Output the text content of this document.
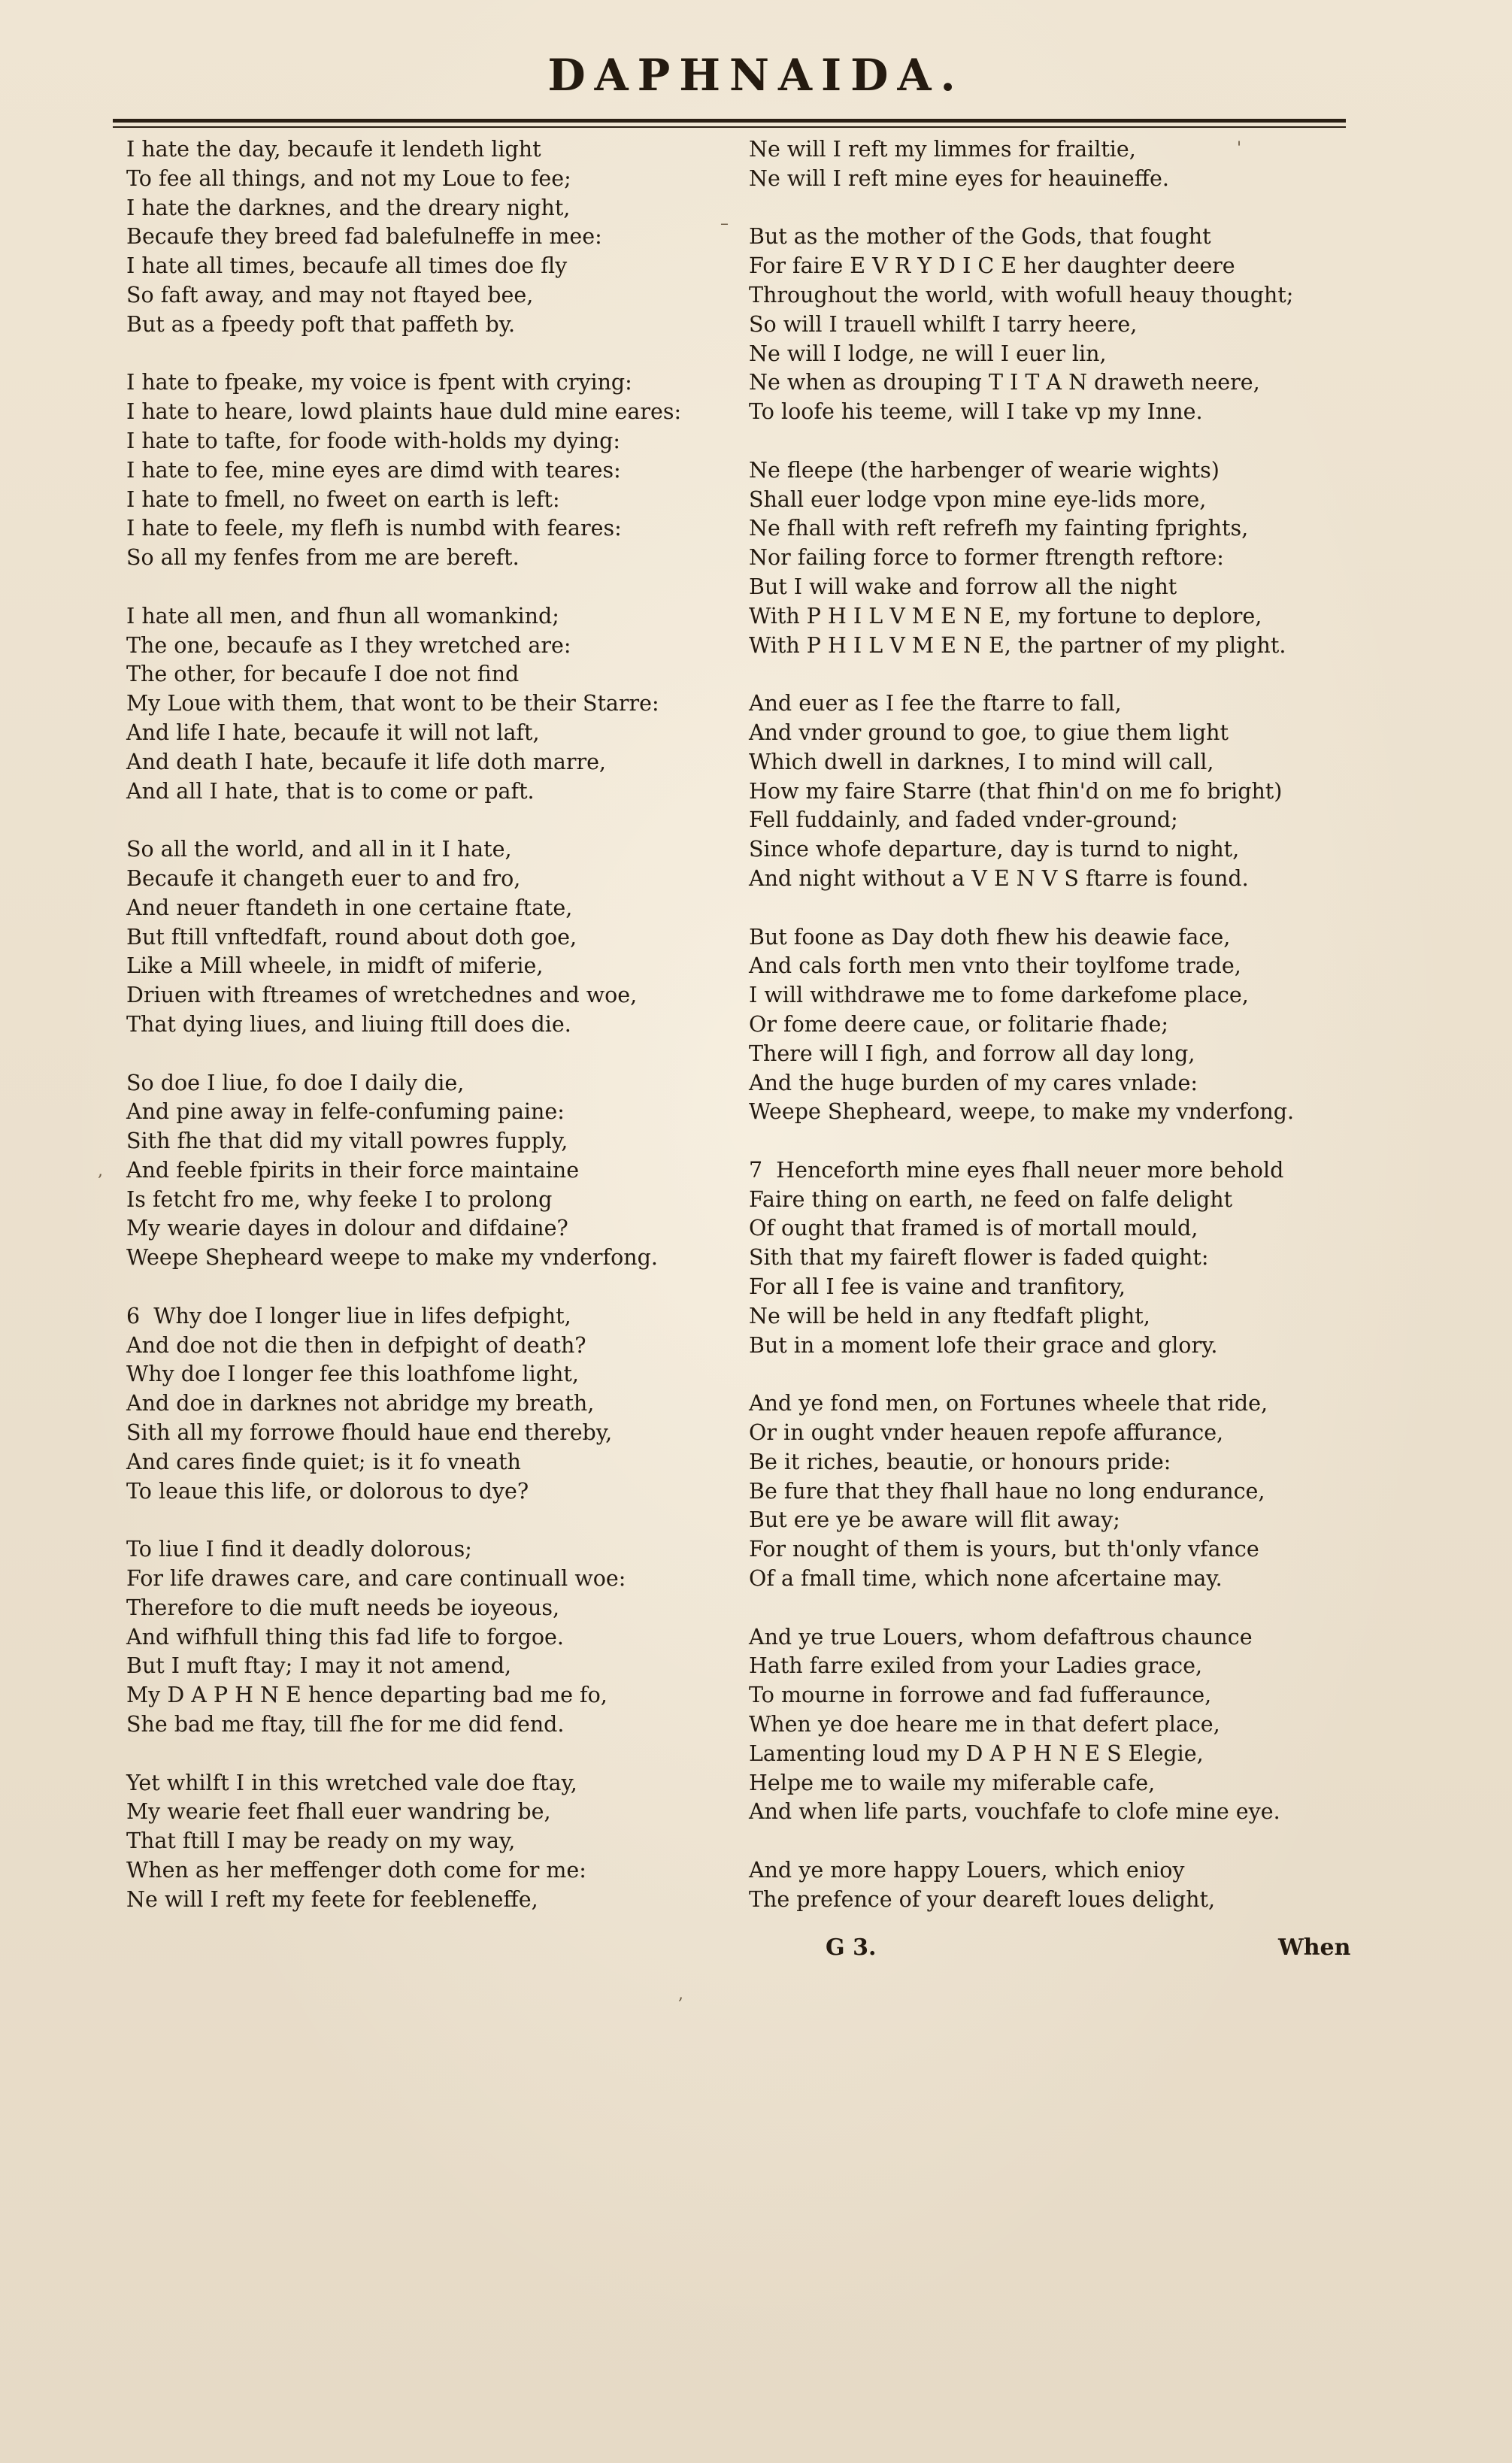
DAPHNAIDA.
I hate the day, becaufe it lendeth light
To fee all things, and not my Loue to fee;
I hate the darknes, and the dreary night,
Becaufe they breed fad balefulneffe in mee:
I hate all times, becaufe all times doe fly
So faft away, and may not ftayed bee,
But as a fpeedy poft that paffeth by.
I hate to fpeake, my voice is fpent with crying:
I hate to heare, lowd plaints haue duld mine eares:
I hate to tafte, for foode with-holds my dying:
I hate to fee, mine eyes are dimd with teares:
I hate to fmell, no fweet on earth is left:
I hate to feele, my flefh is numbd with feares:
So all my fenfes from me are bereft.
I hate all men, and fhun all womankind;
The one, becaufe as I they wretched are:
The other, for becaufe I doe not find
My Loue with them, that wont to be their Starre:
And life I hate, becaufe it will not laft,
And death I hate, becaufe it life doth marre,
And all I hate, that is to come or paft.
So all the world, and all in it I hate,
Becaufe it changeth euer to and fro,
And neuer ftandeth in one certaine ftate,
But ftill vnftedfaft, round about doth goe,
Like a Mill wheele, in midft of miferie,
Driuen with ftreames of wretchednes and woe,
That dying liues, and liuing ftill does die.
So doe I liue, fo doe I daily die,
And pine away in felfe-confuming paine:
Sith fhe that did my vitall powres fupply,
And feeble fpirits in their force maintaine
Is fetcht fro me, why feeke I to prolong
My wearie dayes in dolour and difdaine?
Weepe Shepheard weepe to make my vnderfong.
6  Why doe I longer liue in lifes defpight,
And doe not die then in defpight of death?
Why doe I longer fee this loathfome light,
And doe in darknes not abridge my breath,
Sith all my forrowe fhould haue end thereby,
And cares finde quiet; is it fo vneath
To leaue this life, or dolorous to dye?
To liue I find it deadly dolorous;
For life drawes care, and care continuall woe:
Therefore to die muft needs be ioyeous,
And wifhfull thing this fad life to forgoe.
But I muft ftay; I may it not amend,
My D A P H N E hence departing bad me fo,
She bad me ftay, till fhe for me did fend.
Yet whilft I in this wretched vale doe ftay,
My wearie feet fhall euer wandring be,
That ftill I may be ready on my way,
When as her meffenger doth come for me:
Ne will I reft my feete for feebleneffe,
Ne will I reft my limmes for frailtie,
Ne will I reft mine eyes for heauineffe.
But as the mother of the Gods, that fought
For faire E V R Y D I C E her daughter deere
Throughout the world, with wofull heauy thought;
So will I trauell whilft I tarry heere,
Ne will I lodge, ne will I euer lin,
Ne when as drouping T I T A N draweth neere,
To loofe his teeme, will I take vp my Inne.
Ne fleepe (the harbenger of wearie wights)
Shall euer lodge vpon mine eye-lids more,
Ne fhall with reft refrefh my fainting fprights,
Nor failing force to former ftrength reftore:
But I will wake and forrow all the night
With P H I L V M E N E, my fortune to deplore,
With P H I L V M E N E, the partner of my plight.
And euer as I fee the ftarre to fall,
And vnder ground to goe, to giue them light
Which dwell in darknes, I to mind will call,
How my faire Starre (that fhin'd on me fo bright)
Fell fuddainly, and faded vnder-ground;
Since whofe departure, day is turnd to night,
And night without a V E N V S ftarre is found.
But foone as Day doth fhew his deawie face,
And cals forth men vnto their toylfome trade,
I will withdrawe me to fome darkefome place,
Or fome deere caue, or folitarie fhade;
There will I figh, and forrow all day long,
And the huge burden of my cares vnlade:
Weepe Shepheard, weepe, to make my vnderfong.
7  Henceforth mine eyes fhall neuer more behold
Faire thing on earth, ne feed on falfe delight
Of ought that framed is of mortall mould,
Sith that my faireft flower is faded quight:
For all I fee is vaine and tranfitory,
Ne will be held in any ftedfaft plight,
But in a moment lofe their grace and glory.
And ye fond men, on Fortunes wheele that ride,
Or in ought vnder heauen repofe affurance,
Be it riches, beautie, or honours pride:
Be fure that they fhall haue no long endurance,
But ere ye be aware will flit away;
For nought of them is yours, but th'only vfance
Of a fmall time, which none afcertaine may.
And ye true Louers, whom defaftrous chaunce
Hath farre exiled from your Ladies grace,
To mourne in forrowe and fad fufferaunce,
When ye doe heare me in that defert place,
Lamenting loud my D A P H N E S Elegie,
Helpe me to waile my miferable cafe,
And when life parts, vouchfafe to clofe mine eye.
And ye more happy Louers, which enioy
The prefence of your deareft loues delight,
G 3.	When
'
–
,
,
